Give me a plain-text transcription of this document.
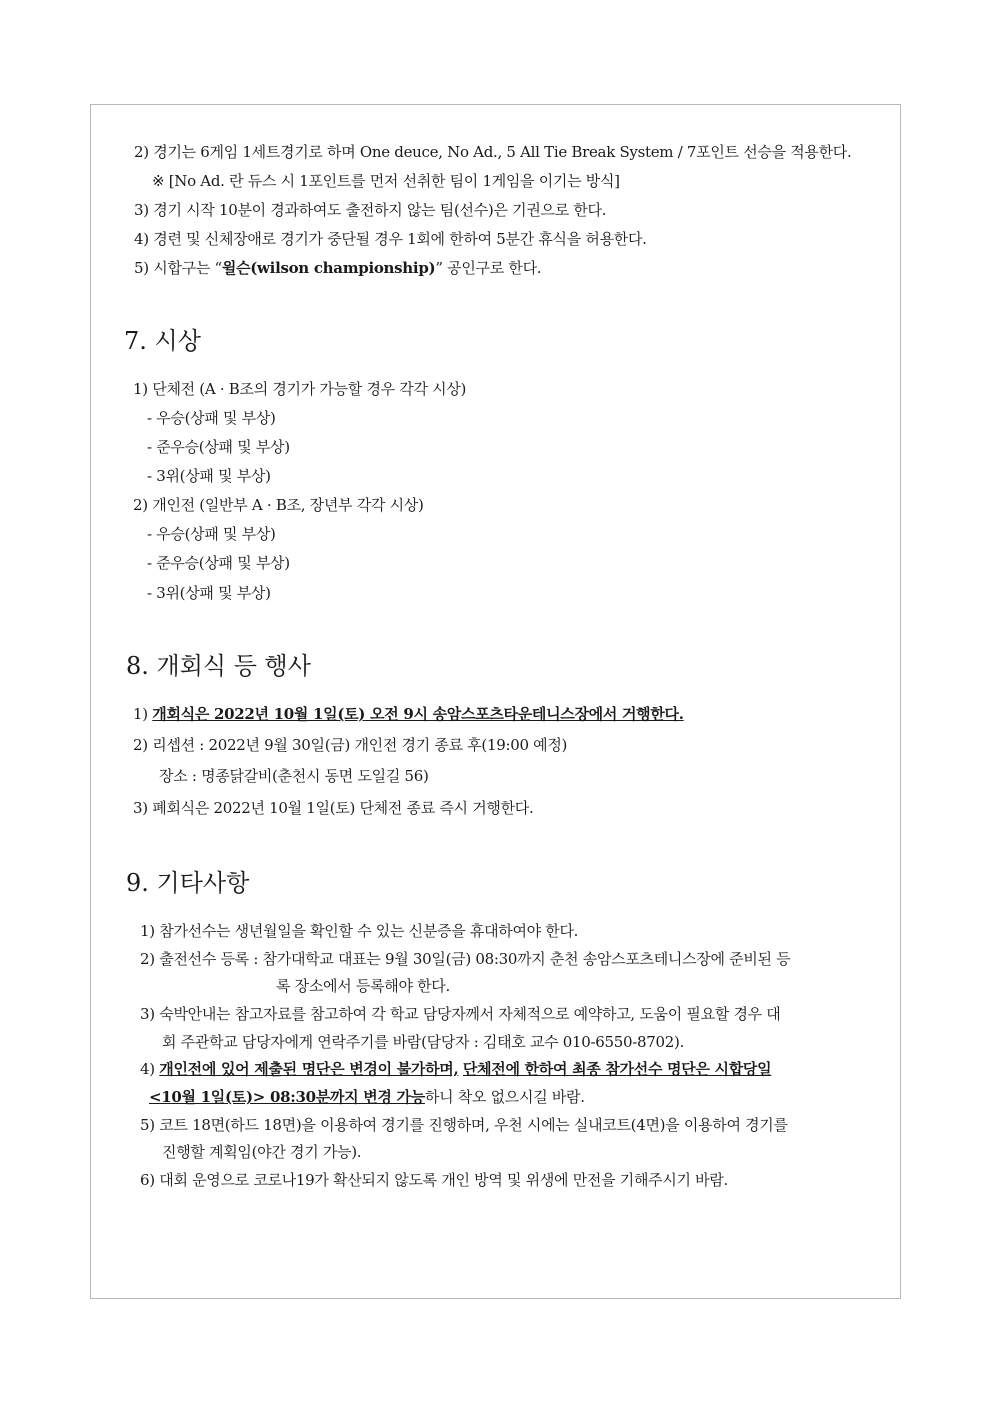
2) 경기는 6게임 1세트경기로 하며 One deuce, No Ad., 5 All Tie Break System / 7포인트 선승을 적용한다.
※ [No Ad. 란 듀스 시 1포인트를 먼저 선취한 팀이 1게임을 이기는 방식]
3) 경기 시작 10분이 경과하여도 출전하지 않는 팀(선수)은 기권으로 한다.
4) 경련 및 신체장애로 경기가 중단될 경우 1회에 한하여 5분간 휴식을 허용한다.
5) 시합구는 “윌슨(wilson championship)” 공인구로 한다.
7. 시상
1) 단체전 (A · B조의 경기가 가능할 경우 각각 시상)
- 우승(상패 및 부상)
- 준우승(상패 및 부상)
- 3위(상패 및 부상)
2) 개인전 (일반부 A · B조, 장년부 각각 시상)
- 우승(상패 및 부상)
- 준우승(상패 및 부상)
- 3위(상패 및 부상)
8. 개회식 등 행사
1) 개회식은 2022년 10월 1일(토) 오전 9시 송암스포츠타운테니스장에서 거행한다.
2) 리셉션 : 2022년 9월 30일(금) 개인전 경기 종료 후(19:00 예정)
장소 : 명종닭갈비(춘천시 동면 도일길 56)
3) 폐회식은 2022년 10월 1일(토) 단체전 종료 즉시 거행한다.
9. 기타사항
1) 참가선수는 생년월일을 확인할 수 있는 신분증을 휴대하여야 한다.
2) 출전선수 등록 : 참가대학교 대표는 9월 30일(금) 08:30까지 춘천 송암스포츠테니스장에 준비된 등
록 장소에서 등록해야 한다.
3) 숙박안내는 참고자료를 참고하여 각 학교 담당자께서 자체적으로 예약하고, 도움이 필요할 경우 대
회 주관학교 담당자에게 연락주기를 바람(담당자 : 김태호 교수 010-6550-8702).
4) 개인전에 있어 제출된 명단은 변경이 불가하며, 단체전에 한하여 최종 참가선수 명단은 시합당일
<10월 1일(토)> 08:30분까지 변경 가능하니 착오 없으시길 바람.
5) 코트 18면(하드 18면)을 이용하여 경기를 진행하며, 우천 시에는 실내코트(4면)을 이용하여 경기를
진행할 계획임(야간 경기 가능).
6) 대회 운영으로 코로나19가 확산되지 않도록 개인 방역 및 위생에 만전을 기해주시기 바람.
